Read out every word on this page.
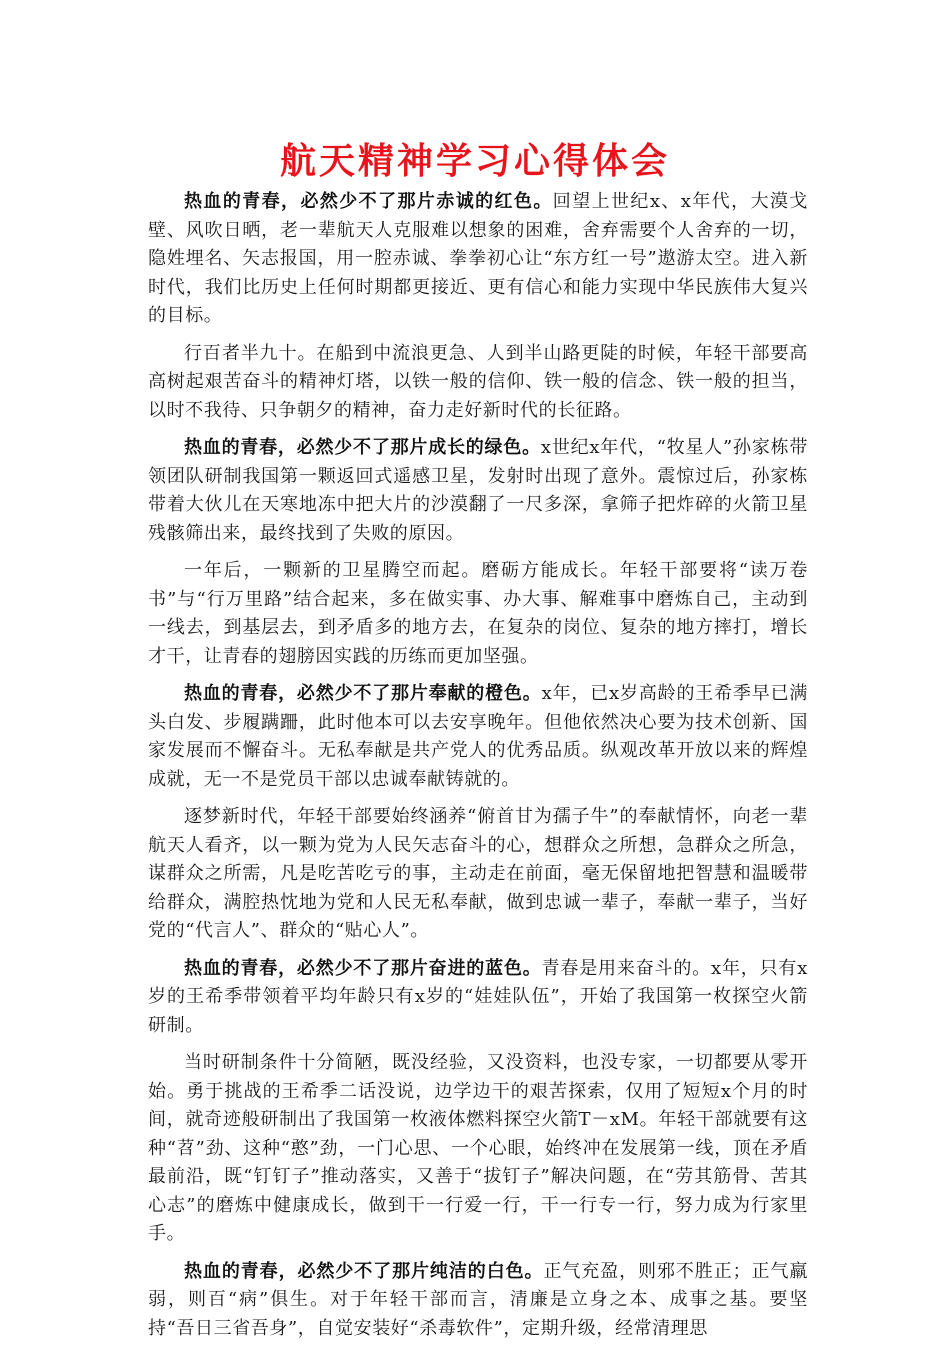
航天精神学习心得体会

热血的青春，必然少不了那片赤诚的红色。回望上世纪x、x年代，大漠戈壁、风吹日晒，老一辈航天人克服难以想象的困难，舍弃需要个人舍弃的一切，隐姓埋名、矢志报国，用一腔赤诚、拳拳初心让“东方红一号”遨游太空。进入新时代，我们比历史上任何时期都更接近、更有信心和能力实现中华民族伟大复兴的目标。

行百者半九十。在船到中流浪更急、人到半山路更陡的时候，年轻干部要高高树起艰苦奋斗的精神灯塔，以铁一般的信仰、铁一般的信念、铁一般的担当，以时不我待、只争朝夕的精神，奋力走好新时代的长征路。

热血的青春，必然少不了那片成长的绿色。x世纪x年代，“牧星人”孙家栋带领团队研制我国第一颗返回式遥感卫星，发射时出现了意外。震惊过后，孙家栋带着大伙儿在天寒地冻中把大片的沙漠翻了一尺多深，拿筛子把炸碎的火箭卫星残骸筛出来，最终找到了失败的原因。

一年后，一颗新的卫星腾空而起。磨砺方能成长。年轻干部要将“读万卷书”与“行万里路”结合起来，多在做实事、办大事、解难事中磨炼自己，主动到一线去，到基层去，到矛盾多的地方去，在复杂的岗位、复杂的地方摔打，增长才干，让青春的翅膀因实践的历练而更加坚强。

热血的青春，必然少不了那片奉献的橙色。x年，已x岁高龄的王希季早已满头白发、步履蹒跚，此时他本可以去安享晚年。但他依然决心要为技术创新、国家发展而不懈奋斗。无私奉献是共产党人的优秀品质。纵观改革开放以来的辉煌成就，无一不是党员干部以忠诚奉献铸就的。

逐梦新时代，年轻干部要始终涵养“俯首甘为孺子牛”的奉献情怀，向老一辈航天人看齐，以一颗为党为人民矢志奋斗的心，想群众之所想，急群众之所急，谋群众之所需，凡是吃苦吃亏的事，主动走在前面，毫无保留地把智慧和温暖带给群众，满腔热忱地为党和人民无私奉献，做到忠诚一辈子，奉献一辈子，当好党的“代言人”、群众的“贴心人”。

热血的青春，必然少不了那片奋进的蓝色。青春是用来奋斗的。x年，只有x岁的王希季带领着平均年龄只有x岁的“娃娃队伍”，开始了我国第一枚探空火箭研制。

当时研制条件十分简陋，既没经验，又没资料，也没专家，一切都要从零开始。勇于挑战的王希季二话没说，边学边干的艰苦探索，仅用了短短x个月的时间，就奇迹般研制出了我国第一枚液体燃料探空火箭T－xM。年轻干部就要有这种“苕”劲、这种“憨”劲，一门心思、一个心眼，始终冲在发展第一线，顶在矛盾最前沿，既“钉钉子”推动落实，又善于“拔钉子”解决问题，在“劳其筋骨、苦其心志”的磨炼中健康成长，做到干一行爱一行，干一行专一行，努力成为行家里手。

热血的青春，必然少不了那片纯洁的白色。正气充盈，则邪不胜正；正气羸弱，则百“病”俱生。对于年轻干部而言，清廉是立身之本、成事之基。要坚持“吾日三省吾身”，自觉安装好“杀毒软件”，定期升级，经常清理思
